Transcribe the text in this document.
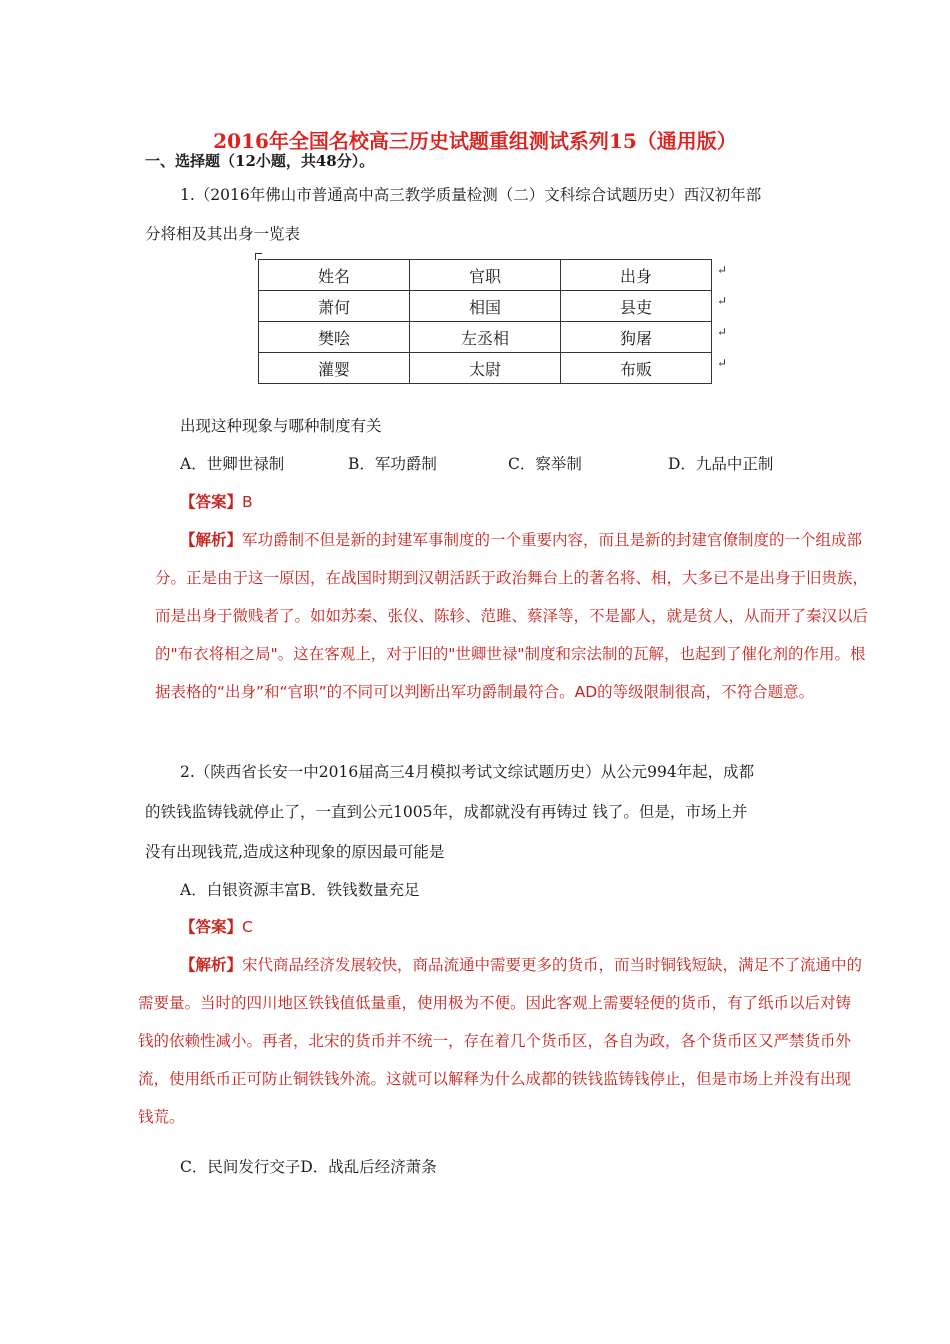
2016年全国名校高三历史试题重组测试系列15（通用版）
一、选择题（12小题，共48分）。
1.（2016年佛山市普通高中高三教学质量检测（二）文科综合试题历史）西汉初年部
分将相及其出身一览表
姓名	官职	出身
萧何	相国	县吏
樊哙	左丞相	狗屠
灌婴	太尉	布贩
↵
↵
↵
↵
出现这种现象与哪种制度有关
A．世卿世禄制	B．军功爵制	C．察举制	D．九品中正制
【答案】B
【解析】军功爵制不但是新的封建军事制度的一个重要内容，而且是新的封建官僚制度的一个组成部
分。正是由于这一原因，在战国时期到汉朝活跃于政治舞台上的著名将、相，大多已不是出身于旧贵族，
而是出身于微贱者了。如如苏秦、张仪、陈轸、范雎、蔡泽等，不是鄙人，就是贫人，从而开了秦汉以后
的"布衣将相之局"。这在客观上，对于旧的"世卿世禄"制度和宗法制的瓦解，也起到了催化剂的作用。根
据表格的“出身”和“官职”的不同可以判断出军功爵制最符合。AD的等级限制很高，不符合题意。
2.（陕西省长安一中2016届高三4月模拟考试文综试题历史）从公元994年起，成都
的铁钱监铸钱就停止了，一直到公元1005年，成都就没有再铸过 钱了。但是，市场上并
没有出现钱荒,造成这种现象的原因最可能是
A．白银资源丰富B．铁钱数量充足
【答案】C
【解析】宋代商品经济发展较快，商品流通中需要更多的货币，而当时铜钱短缺，满足不了流通中的
需要量。当时的四川地区铁钱值低量重，使用极为不便。因此客观上需要轻便的货币，有了纸币以后对铸
钱的依赖性减小。再者，北宋的货币并不统一，存在着几个货币区，各自为政，各个货币区又严禁货币外
流，使用纸币正可防止铜铁钱外流。这就可以解释为什么成都的铁钱监铸钱停止，但是市场上并没有出现
钱荒。
C．民间发行交子D．战乱后经济萧条
